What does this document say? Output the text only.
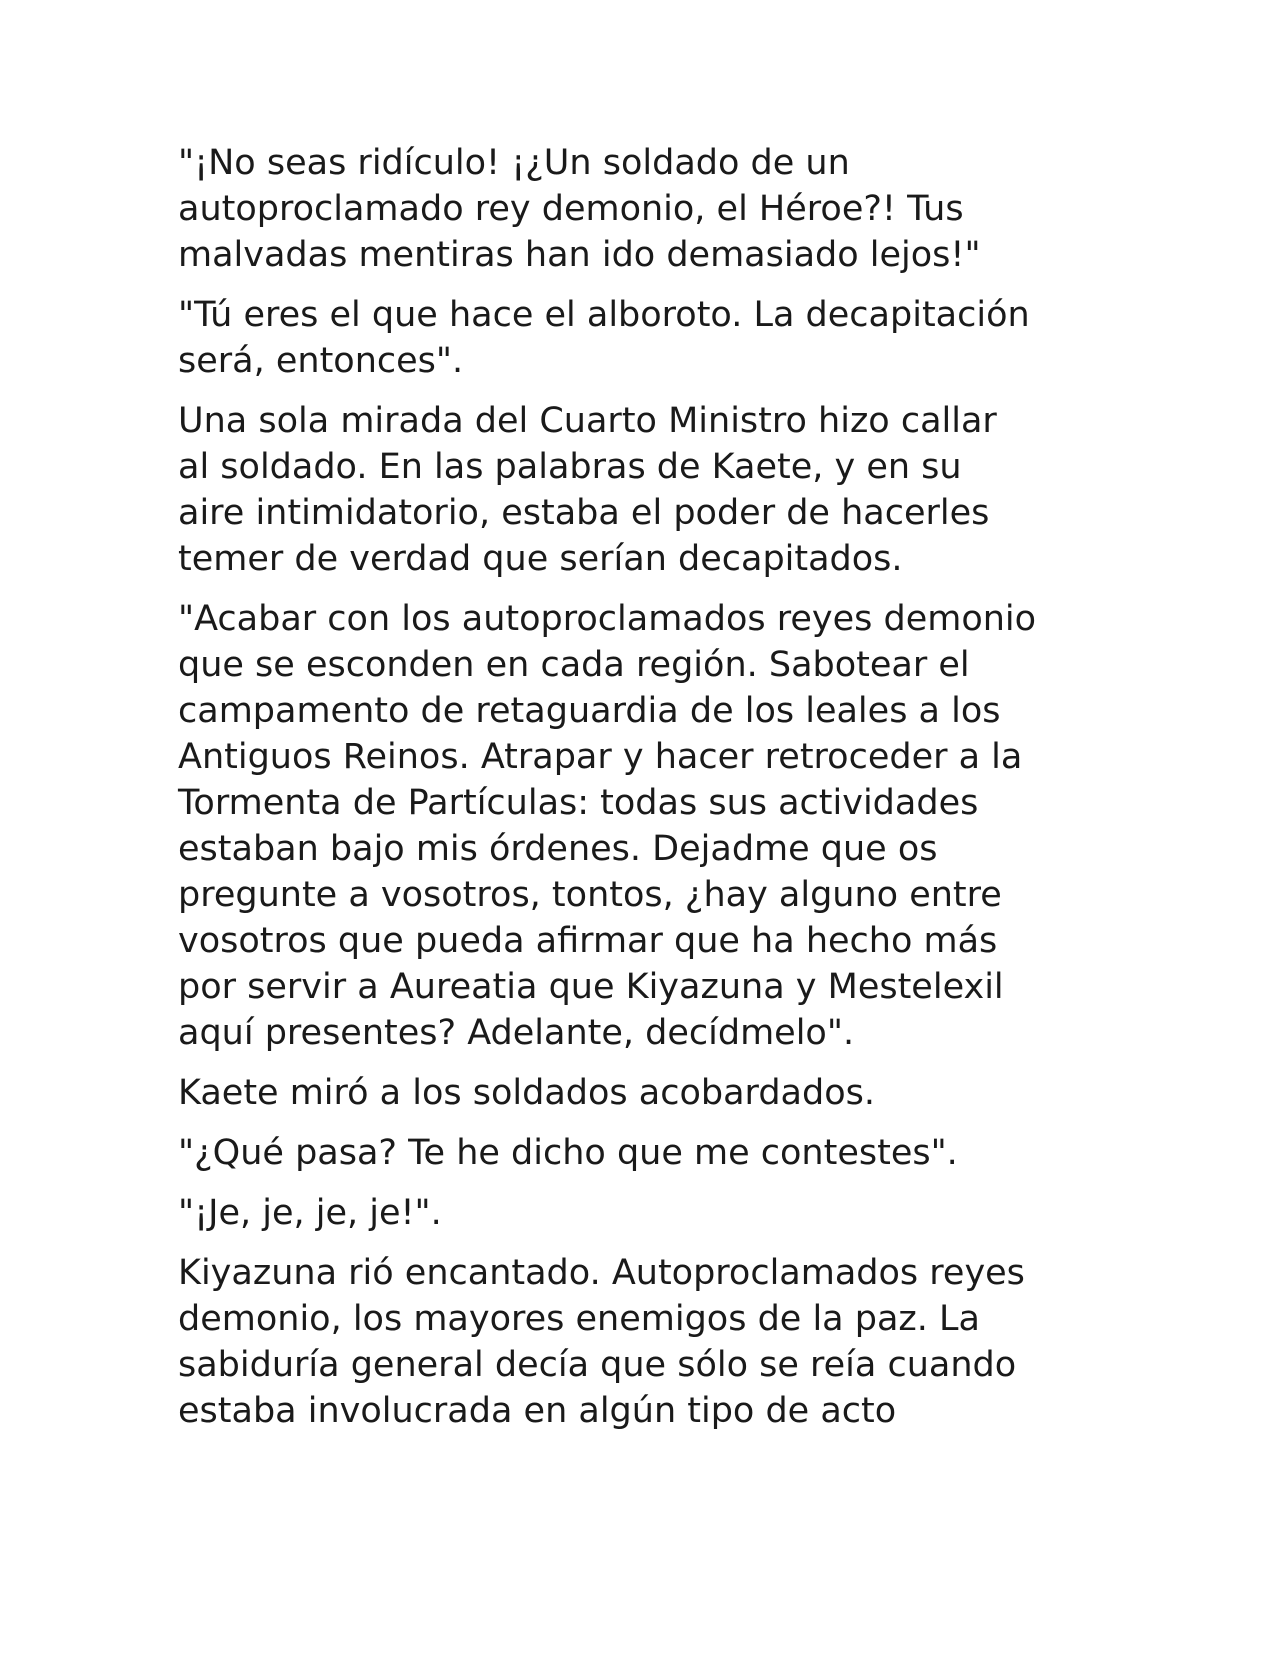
"¡No seas ridículo! ¡¿Un soldado de un
autoproclamado rey demonio, el Héroe?! Tus
malvadas mentiras han ido demasiado lejos!"

"Tú eres el que hace el alboroto. La decapitación
será, entonces".

Una sola mirada del Cuarto Ministro hizo callar
al soldado. En las palabras de Kaete, y en su
aire intimidatorio, estaba el poder de hacerles
temer de verdad que serían decapitados.

"Acabar con los autoproclamados reyes demonio
que se esconden en cada región. Sabotear el
campamento de retaguardia de los leales a los
Antiguos Reinos. Atrapar y hacer retroceder a la
Tormenta de Partículas: todas sus actividades
estaban bajo mis órdenes. Dejadme que os
pregunte a vosotros, tontos, ¿hay alguno entre
vosotros que pueda afirmar que ha hecho más
por servir a Aureatia que Kiyazuna y Mestelexil
aquí presentes? Adelante, decídmelo".

Kaete miró a los soldados acobardados.

"¿Qué pasa? Te he dicho que me contestes".

"¡Je, je, je, je!".

Kiyazuna rió encantado. Autoproclamados reyes
demonio, los mayores enemigos de la paz. La
sabiduría general decía que sólo se reía cuando
estaba involucrada en algún tipo de acto
